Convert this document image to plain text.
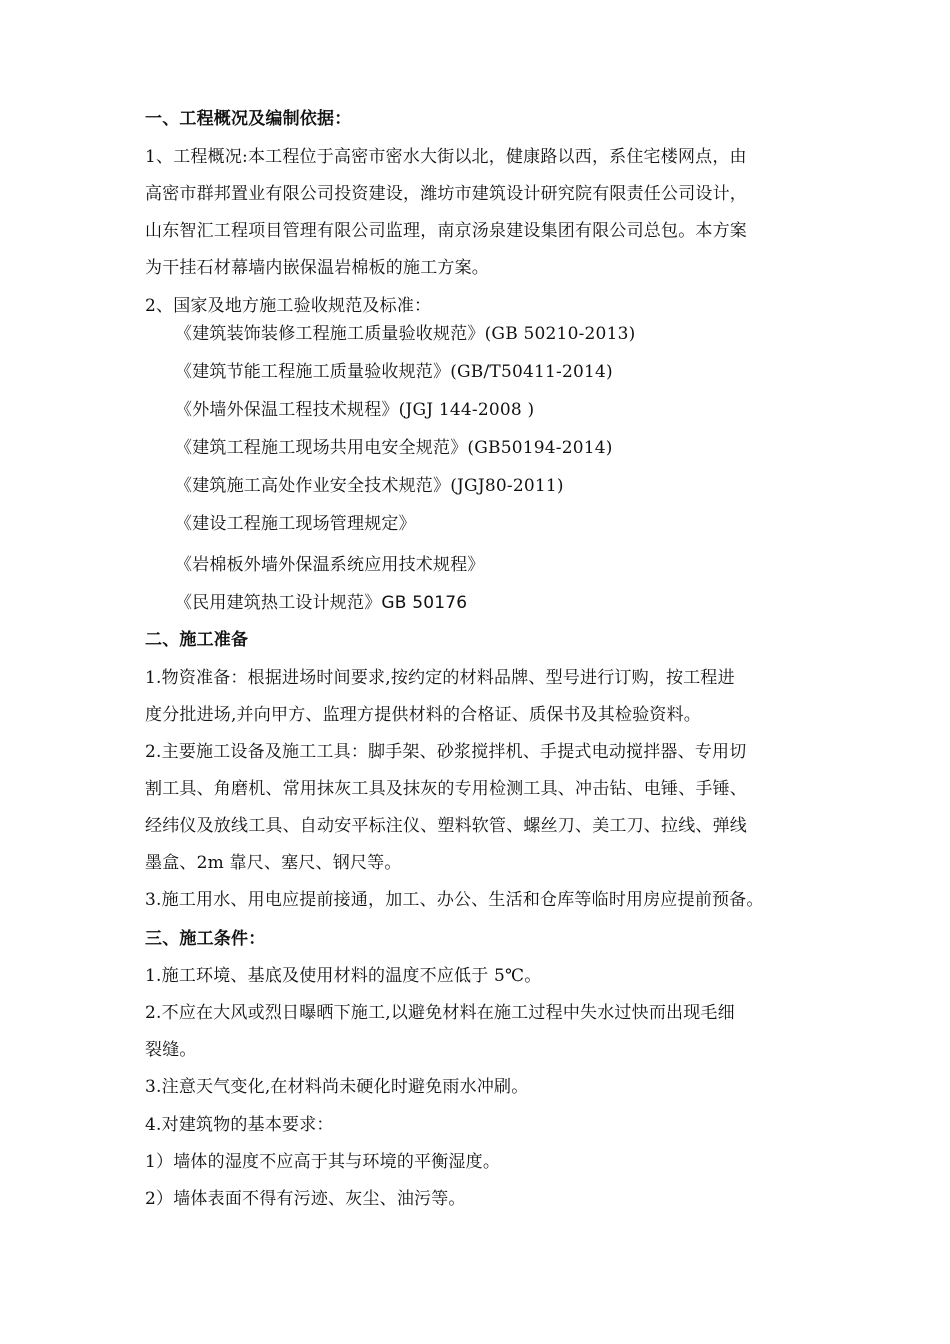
一、工程概况及编制依据：
1、工程概况:本工程位于高密市密水大街以北，健康路以西，系住宅楼网点，由
高密市群邦置业有限公司投资建设，潍坊市建筑设计研究院有限责任公司设计，
山东智汇工程项目管理有限公司监理，南京汤泉建设集团有限公司总包。本方案
为干挂石材幕墙内嵌保温岩棉板的施工方案。
2、国家及地方施工验收规范及标准：
《建筑装饰装修工程施工质量验收规范》(GB 50210-2013)
《建筑节能工程施工质量验收规范》(GB/T50411-2014)
《外墙外保温工程技术规程》(JGJ 144-2008 )
《建筑工程施工现场共用电安全规范》(GB50194-2014)
《建筑施工高处作业安全技术规范》(JGJ80-2011)
《建设工程施工现场管理规定》
《岩棉板外墙外保温系统应用技术规程》
《民用建筑热工设计规范》GB 50176
二、施工准备
1.物资准备：根据进场时间要求,按约定的材料品牌、型号进行订购，按工程进
度分批进场,并向甲方、监理方提供材料的合格证、质保书及其检验资料。
2.主要施工设备及施工工具：脚手架、砂浆搅拌机、手提式电动搅拌器、专用切
割工具、角磨机、常用抹灰工具及抹灰的专用检测工具、冲击钻、电锤、手锤、
经纬仪及放线工具、自动安平标注仪、塑料软管、螺丝刀、美工刀、拉线、弹线
墨盒、2m 靠尺、塞尺、钢尺等。
3.施工用水、用电应提前接通，加工、办公、生活和仓库等临时用房应提前预备。
三、施工条件：
1.施工环境、基底及使用材料的温度不应低于 5℃。
2.不应在大风或烈日曝晒下施工,以避免材料在施工过程中失水过快而出现毛细
裂缝。
3.注意天气变化,在材料尚未硬化时避免雨水冲刷。
4.对建筑物的基本要求：
1）墙体的湿度不应高于其与环境的平衡湿度。
2）墙体表面不得有污迹、灰尘、油污等。
